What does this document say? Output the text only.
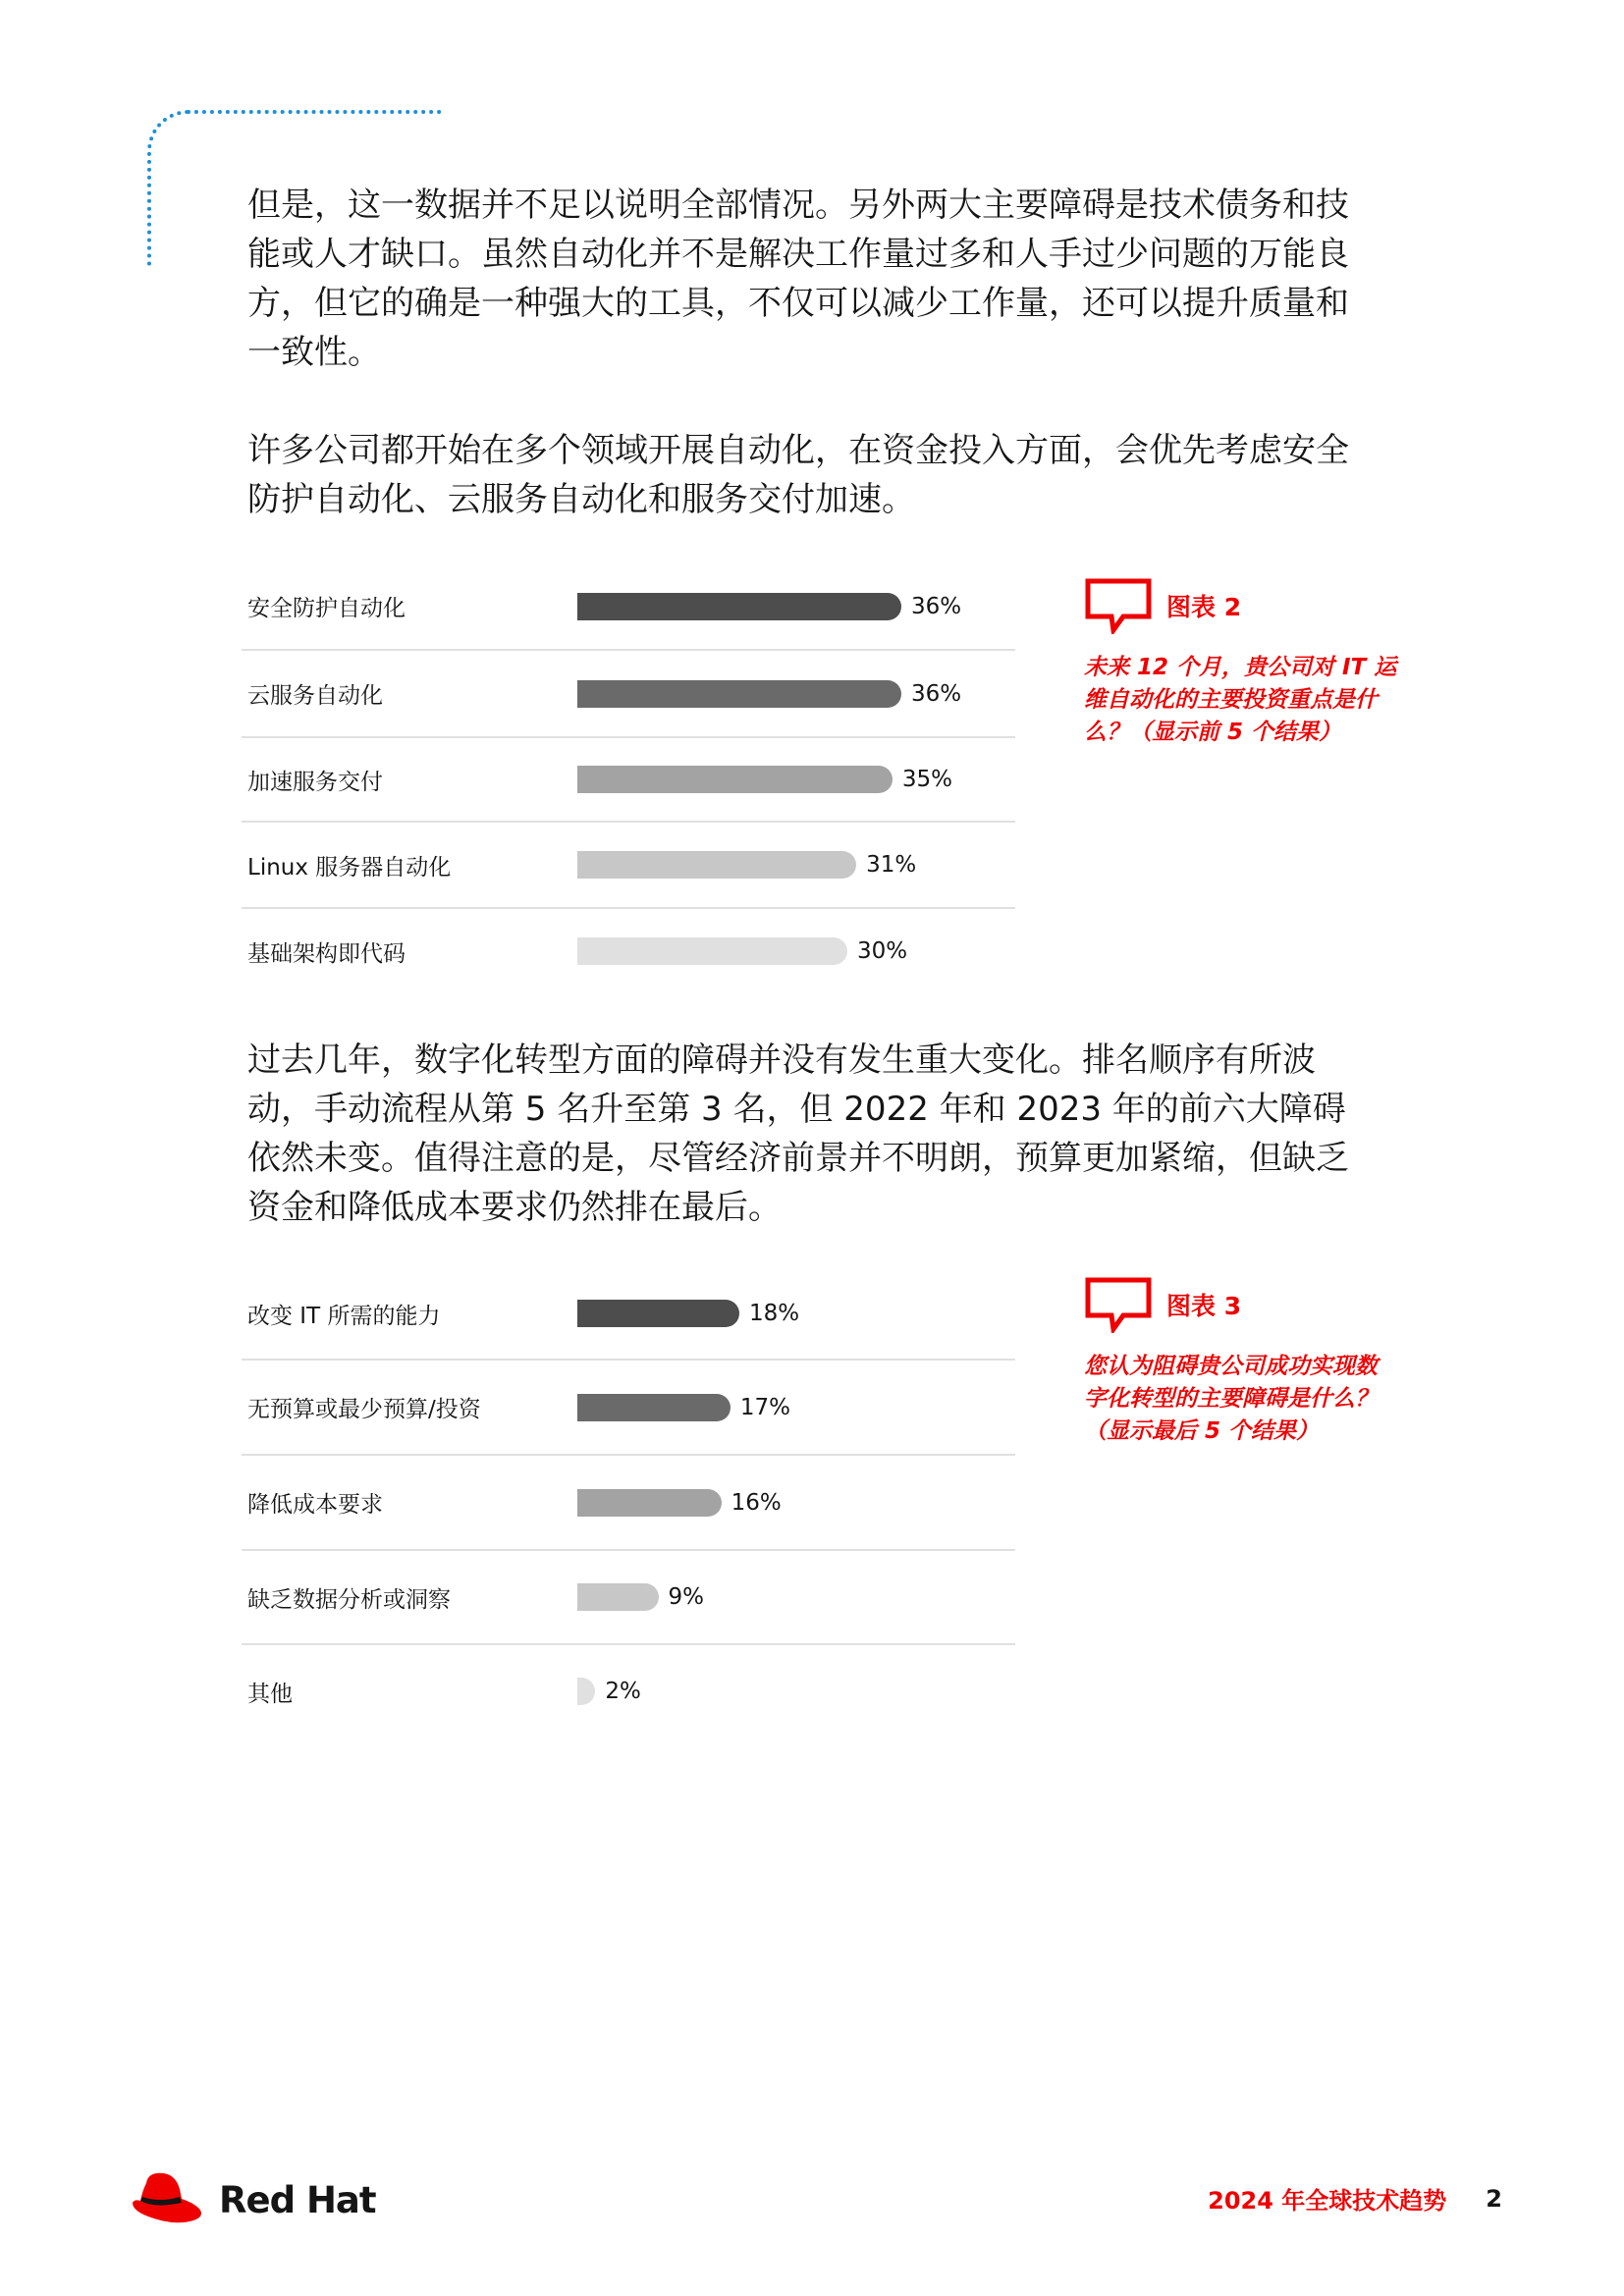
但是，这一数据并不足以说明全部情况。另外两大主要障碍是技术债务和技能或人才缺口。虽然自动化并不是解决工作量过多和人手过少问题的万能良方，但它的确是一种强大的工具，不仅可以减少工作量，还可以提升质量和一致性。

许多公司都开始在多个领域开展自动化，在资金投入方面，会优先考虑安全防护自动化、云服务自动化和服务交付加速。

安全防护自动化	36%
云服务自动化	36%
加速服务交付	35%
Linux 服务器自动化	31%
基础架构即代码	30%
图表 2
未来 12 个月，贵公司对 IT 运维自动化的主要投资重点是什么？（显示前 5 个结果）

过去几年，数字化转型方面的障碍并没有发生重大变化。排名顺序有所波动，手动流程从第 5 名升至第 3 名，但 2022 年和 2023 年的前六大障碍依然未变。值得注意的是，尽管经济前景并不明朗，预算更加紧缩，但缺乏资金和降低成本要求仍然排在最后。

改变 IT 所需的能力	18%
无预算或最少预算/投资	17%
降低成本要求	16%
缺乏数据分析或洞察	9%
其他	2%
图表 3
您认为阻碍贵公司成功实现数字化转型的主要障碍是什么？（显示最后 5 个结果）
Red Hat	2024 年全球技术趋势 2
